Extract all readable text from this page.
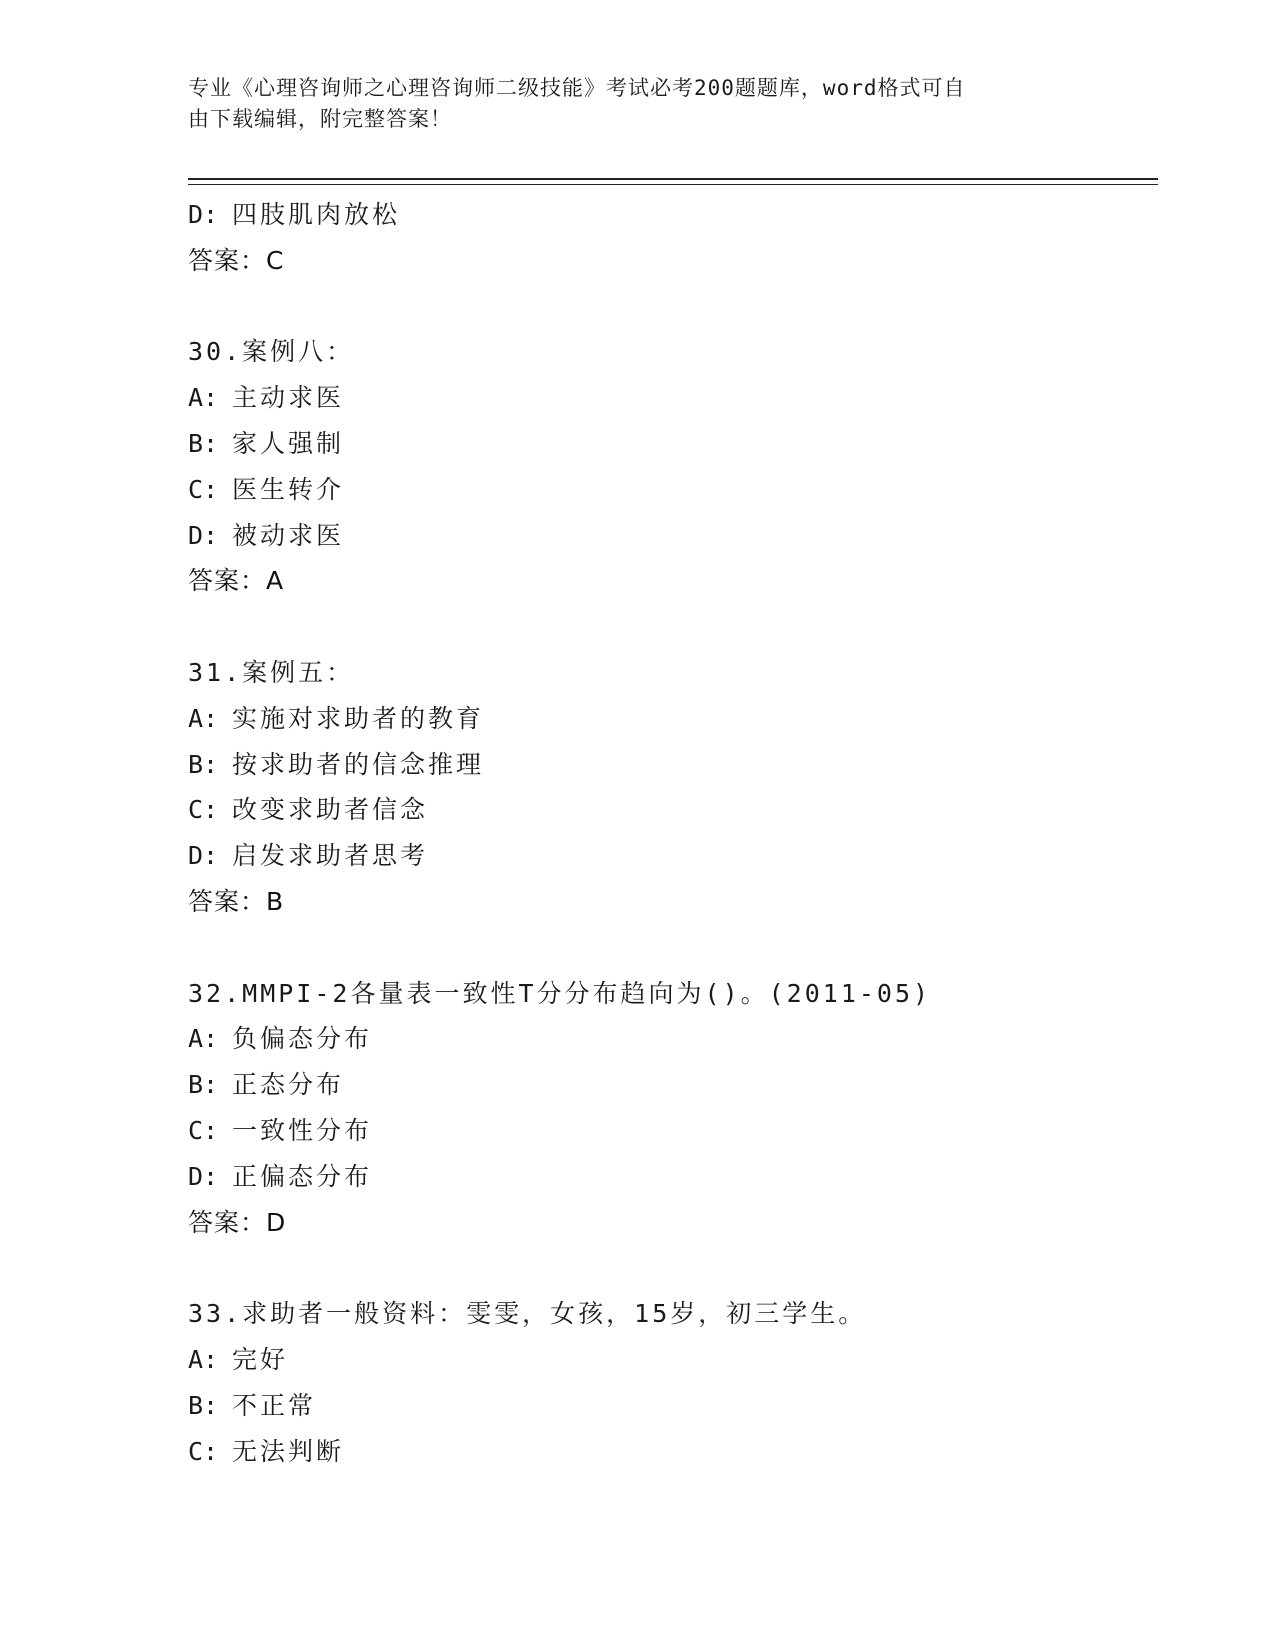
专业《心理咨询师之心理咨询师二级技能》考试必考200题题库，word格式可自
由下载编辑，附完整答案！
D: 四肢肌肉放松
答案：C
30.案例八：
A: 主动求医
B: 家人强制
C: 医生转介
D: 被动求医
答案：A
31.案例五：
A: 实施对求助者的教育
B: 按求助者的信念推理
C: 改变求助者信念
D: 启发求助者思考
答案：B
32.MMPI-2各量表一致性T分分布趋向为()。(2011-05)
A: 负偏态分布
B: 正态分布
C: 一致性分布
D: 正偏态分布
答案：D
33.求助者一般资料：雯雯，女孩，15岁，初三学生。
A: 完好
B: 不正常
C: 无法判断
